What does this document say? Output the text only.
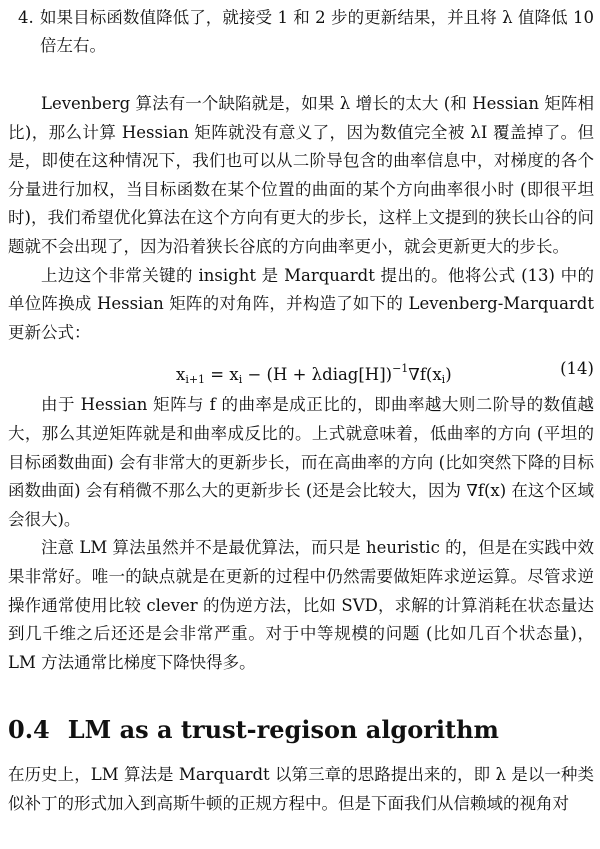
4. 如果目标函数值降低了，就接受 1 和 2 步的更新结果，并且将 λ 值降低 10 倍左右。

Levenberg 算法有一个缺陷就是，如果 λ 增长的太大 (和 Hessian 矩阵相比)，那么计算 Hessian 矩阵就没有意义了，因为数值完全被 λI 覆盖掉了。但是，即使在这种情况下，我们也可以从二阶导包含的曲率信息中，对梯度的各个分量进行加权，当目标函数在某个位置的曲面的某个方向曲率很小时 (即很平坦时)，我们希望优化算法在这个方向有更大的步长，这样上文提到的狭长山谷的问题就不会出现了，因为沿着狭长谷底的方向曲率更小，就会更新更大的步长。

上边这个非常关键的 insight 是 Marquardt 提出的。他将公式 (13) 中的单位阵换成 Hessian 矩阵的对角阵，并构造了如下的 Levenberg-Marquardt 更新公式：

$x_{i+1} = x_i - (H$ + $\lambda diag[H])^{-1}\nabla f(x_i)$	(14)

由于 Hessian 矩阵与 f 的曲率是成正比的，即曲率越大则二阶导的数值越大，那么其逆矩阵就是和曲率成反比的。上式就意味着，低曲率的方向 (平坦的目标函数曲面) 会有非常大的更新步长，而在高曲率的方向 (比如突然下降的目标函数曲面) 会有稍微不那么大的更新步长 (还是会比较大，因为 ∇f(x) 在这个区域会很大)。

注意 LM 算法虽然并不是最优算法，而只是 heuristic 的，但是在实践中效果非常好。唯一的缺点就是在更新的过程中仍然需要做矩阵求逆运算。尽管求逆操作通常使用比较 clever 的伪逆方法，比如 SVD，求解的计算消耗在状态量达到几千维之后还还是会非常严重。对于中等规模的问题 (比如几百个状态量)，LM 方法通常比梯度下降快得多。

0.4 LM as a trust-regison algorithm

在历史上，LM 算法是 Marquardt 以第三章的思路提出来的，即 λ 是以一种类似补丁的形式加入到高斯牛顿的正规方程中。但是下面我们从信赖域的视角对
